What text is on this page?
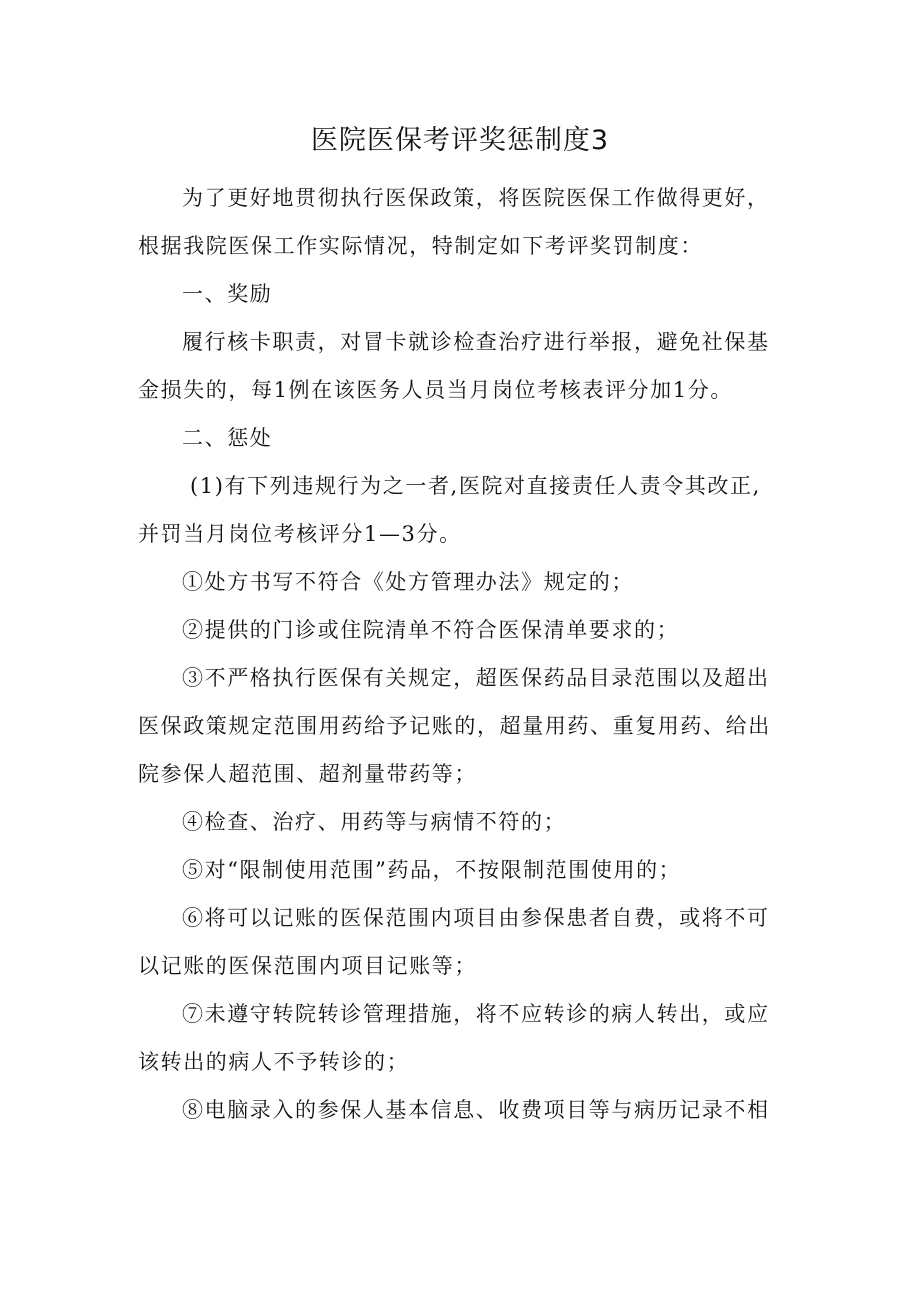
医院医保考评奖惩制度3

为了更好地贯彻执行医保政策，将医院医保工作做得更好，
根据我院医保工作实际情况，特制定如下考评奖罚制度：

一、奖励

履行核卡职责，对冒卡就诊检查治疗进行举报，避免社保基
金损失的，每1例在该医务人员当月岗位考核表评分加1分。

二、惩处

(1)有下列违规行为之一者,医院对直接责任人责令其改正,
并罚当月岗位考核评分1—3分。

①处方书写不符合《处方管理办法》规定的；

②提供的门诊或住院清单不符合医保清单要求的；

③不严格执行医保有关规定，超医保药品目录范围以及超出
医保政策规定范围用药给予记账的，超量用药、重复用药、给出
院参保人超范围、超剂量带药等；

④检查、治疗、用药等与病情不符的；

⑤对“限制使用范围”药品，不按限制范围使用的；

⑥将可以记账的医保范围内项目由参保患者自费，或将不可
以记账的医保范围内项目记账等；

⑦未遵守转院转诊管理措施，将不应转诊的病人转出，或应
该转出的病人不予转诊的；

⑧电脑录入的参保人基本信息、收费项目等与病历记录不相
